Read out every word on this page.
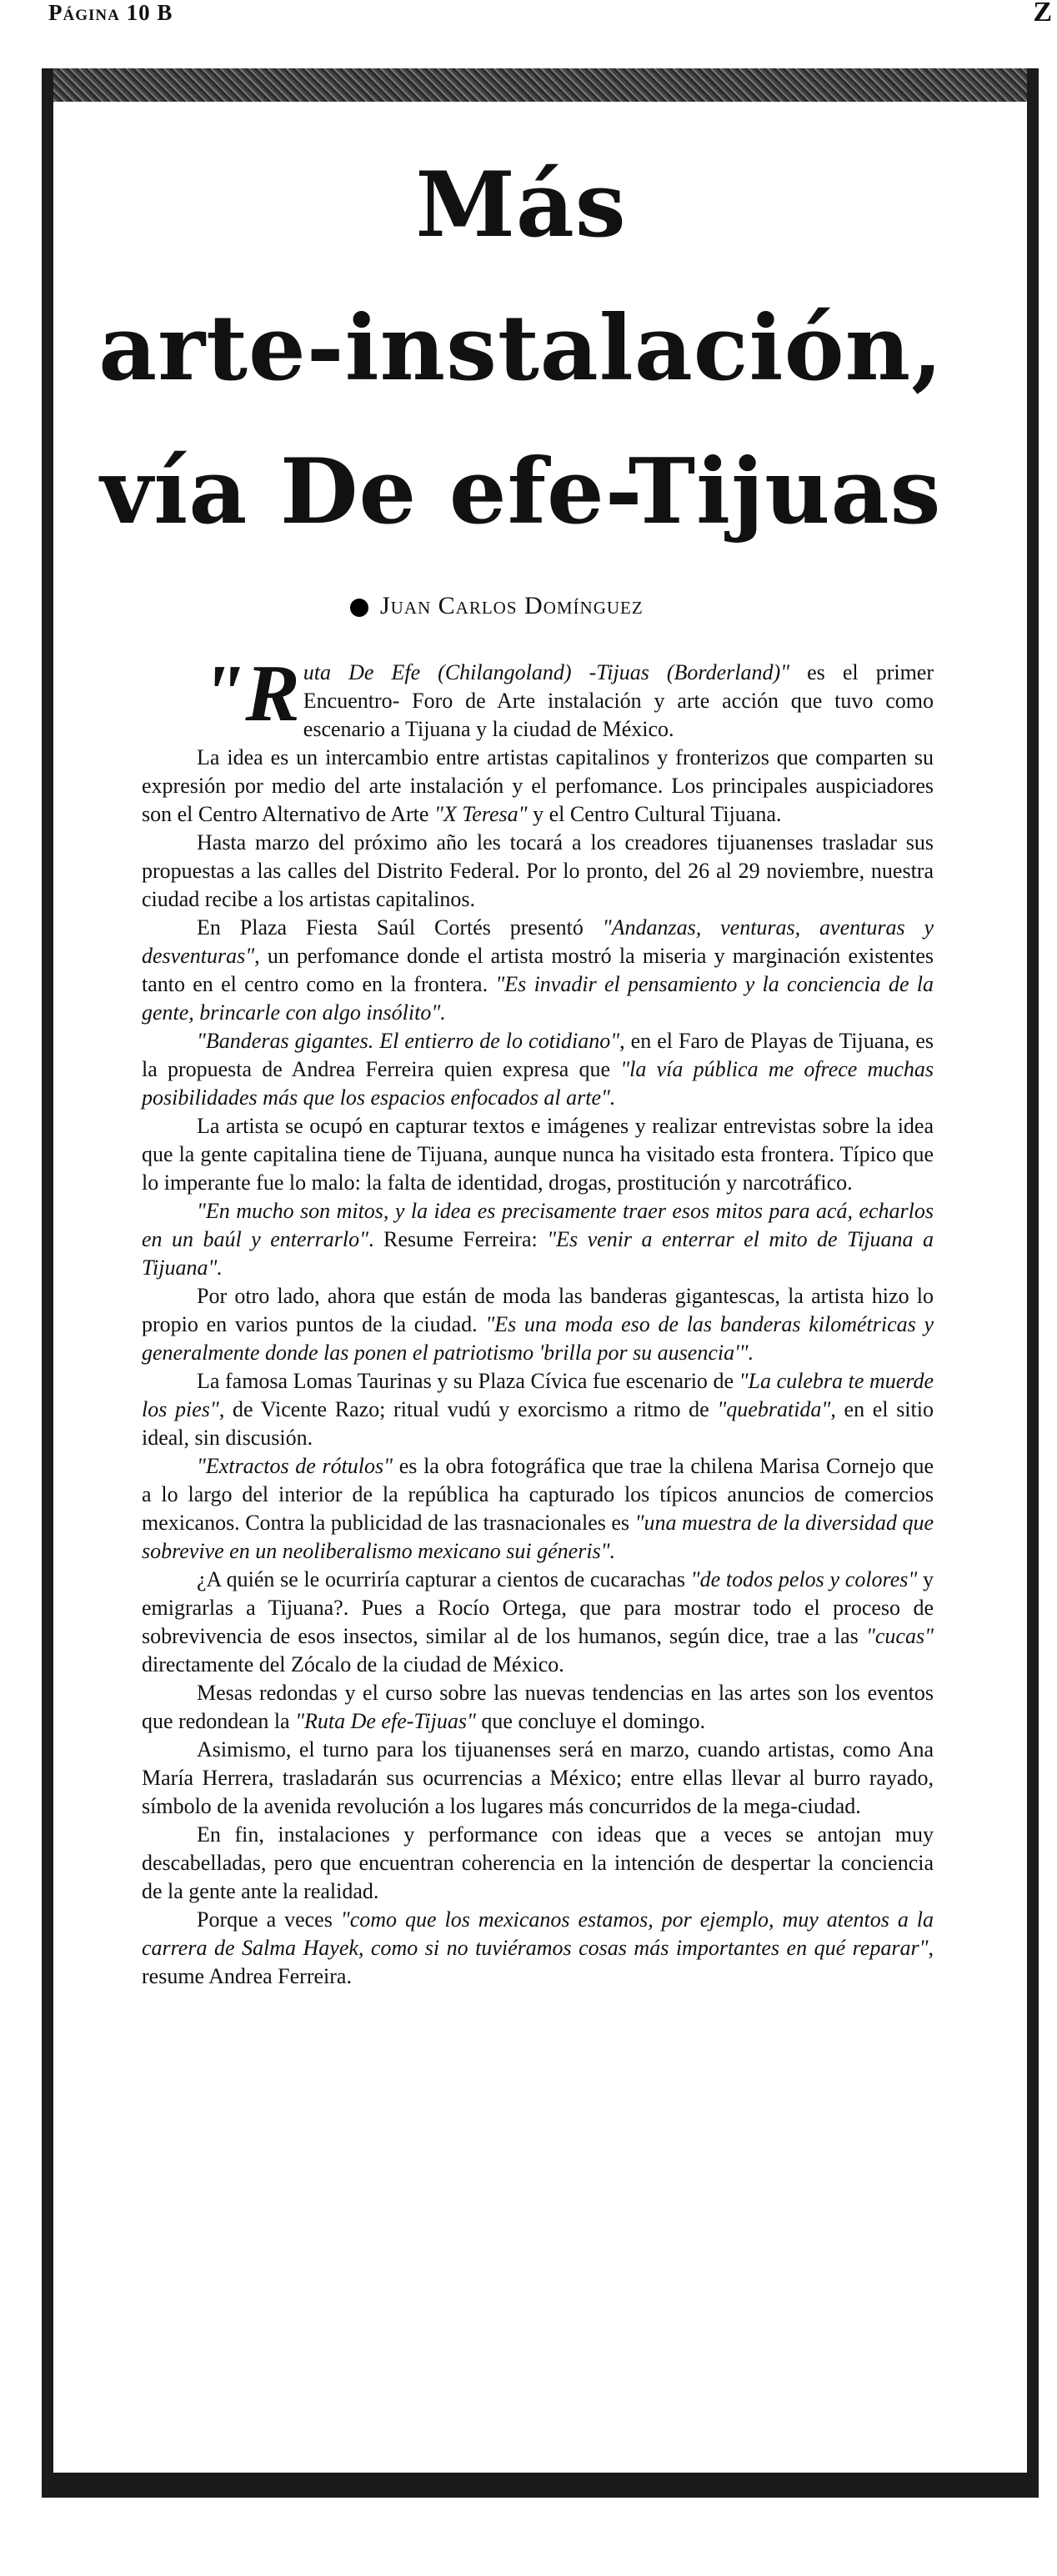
Página 10 B	Z
Más
arte-instalación,
vía De efe-Tijuas
Juan Carlos Domínguez

"Ruta De Efe (Chilangoland) -Tijuas (Borderland)" es el primer Encuentro- Foro de Arte instalación y arte acción que tuvo como escenario a Tijuana y la ciudad de México.

La idea es un intercambio entre artistas capitalinos y fronterizos que comparten su expresión por medio del arte instalación y el perfomance. Los principales auspiciadores son el Centro Alternativo de Arte "X Teresa" y el Centro Cultural Tijuana.

Hasta marzo del próximo año les tocará a los creadores tijuanenses trasladar sus propuestas a las calles del Distrito Federal. Por lo pronto, del 26 al 29 noviembre, nuestra ciudad recibe a los artistas capitalinos.

En Plaza Fiesta Saúl Cortés presentó "Andanzas, venturas, aventuras y desventuras", un perfomance donde el artista mostró la miseria y marginación existentes tanto en el centro como en la frontera. "Es invadir el pensamiento y la conciencia de la gente, brincarle con algo insólito".

"Banderas gigantes. El entierro de lo cotidiano", en el Faro de Playas de Tijuana, es la propuesta de Andrea Ferreira quien expresa que "la vía pública me ofrece muchas posibilidades más que los espacios enfocados al arte".

La artista se ocupó en capturar textos e imágenes y realizar entrevistas sobre la idea que la gente capitalina tiene de Tijuana, aunque nunca ha visitado esta frontera. Típico que lo imperante fue lo malo: la falta de identidad, drogas, prostitución y narcotráfico.

"En mucho son mitos, y la idea es precisamente traer esos mitos para acá, echarlos en un baúl y enterrarlo". Resume Ferreira: "Es venir a enterrar el mito de Tijuana a Tijuana".

Por otro lado, ahora que están de moda las banderas gigantescas, la artista hizo lo propio en varios puntos de la ciudad. "Es una moda eso de las banderas kilométricas y generalmente donde las ponen el patriotismo 'brilla por su ausencia'".

La famosa Lomas Taurinas y su Plaza Cívica fue escenario de "La culebra te muerde los pies", de Vicente Razo; ritual vudú y exorcismo a ritmo de "quebratida", en el sitio ideal, sin discusión.

"Extractos de rótulos" es la obra fotográfica que trae la chilena Marisa Cornejo que a lo largo del interior de la república ha capturado los típicos anuncios de comercios mexicanos. Contra la publicidad de las trasnacionales es "una muestra de la diversidad que sobrevive en un neoliberalismo mexicano sui géneris".

¿A quién se le ocurriría capturar a cientos de cucarachas "de todos pelos y colores" y emigrarlas a Tijuana?. Pues a Rocío Ortega, que para mostrar todo el proceso de sobrevivencia de esos insectos, similar al de los humanos, según dice, trae a las "cucas" directamente del Zócalo de la ciudad de México.

Mesas redondas y el curso sobre las nuevas tendencias en las artes son los eventos que redondean la "Ruta De efe-Tijuas" que concluye el domingo.

Asimismo, el turno para los tijuanenses será en marzo, cuando artistas, como Ana María Herrera, trasladarán sus ocurrencias a México; entre ellas llevar al burro rayado, símbolo de la avenida revolución a los lugares más concurridos de la mega-ciudad.

En fin, instalaciones y performance con ideas que a veces se antojan muy descabelladas, pero que encuentran coherencia en la intención de despertar la conciencia de la gente ante la realidad.

Porque a veces "como que los mexicanos estamos, por ejemplo, muy atentos a la carrera de Salma Hayek, como si no tuviéramos cosas más importantes en qué reparar", resume Andrea Ferreira.
